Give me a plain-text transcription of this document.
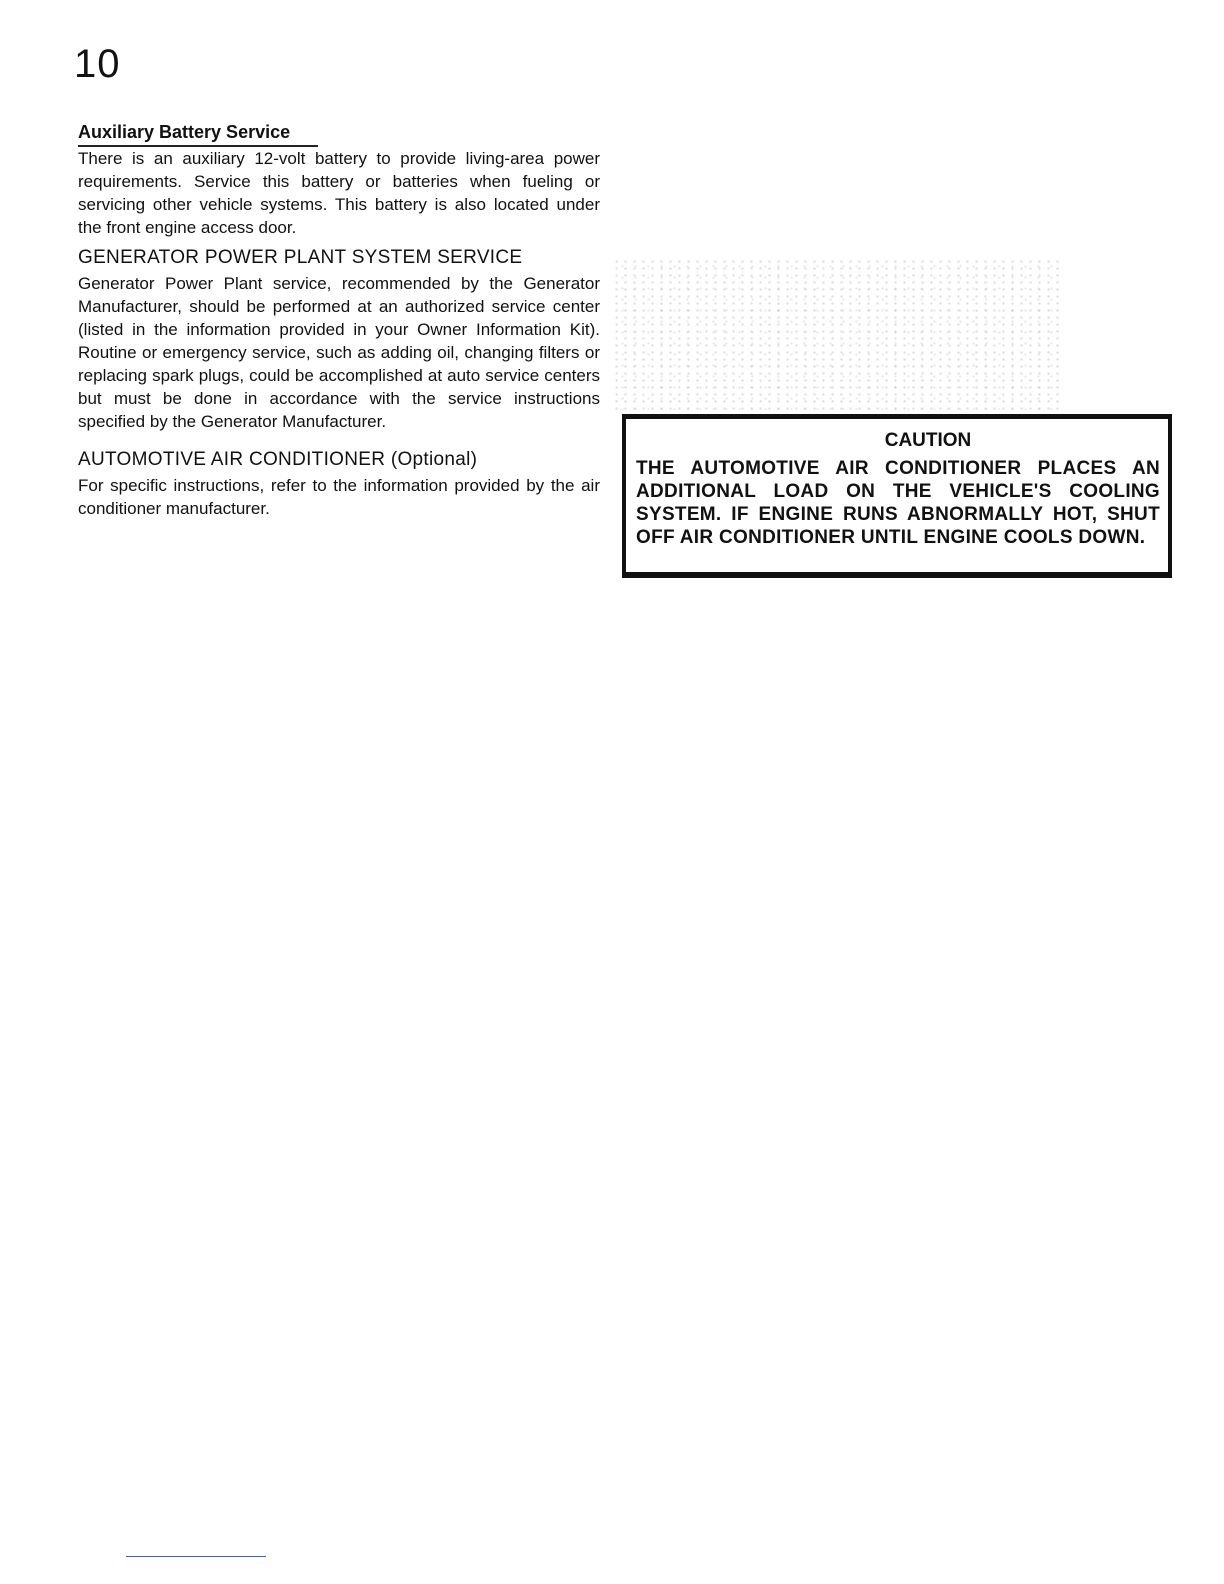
10
Auxiliary Battery Service

There is an auxiliary 12-volt battery to provide living-area power requirements. Service this battery or batteries when fueling or servicing other vehicle systems. This battery is also located under the front engine access door.

GENERATOR POWER PLANT SYSTEM SERVICE

Generator Power Plant service, recommended by the Generator Manufacturer, should be performed at an authorized service center (listed in the information provided in your Owner Information Kit). Routine or emergency service, such as adding oil, changing filters or replacing spark plugs, could be accomplished at auto service centers but must be done in accordance with the service instructions specified by the Generator Manufacturer.

AUTOMOTIVE AIR CONDITIONER (Optional)

For specific instructions, refer to the information provided by the air conditioner manufacturer.

CAUTION

THE AUTOMOTIVE AIR CONDITIONER PLACES AN ADDITIONAL LOAD ON THE VEHICLE'S COOLING SYSTEM. IF ENGINE RUNS ABNORMALLY HOT, SHUT OFF AIR CONDITIONER UNTIL ENGINE COOLS DOWN.
